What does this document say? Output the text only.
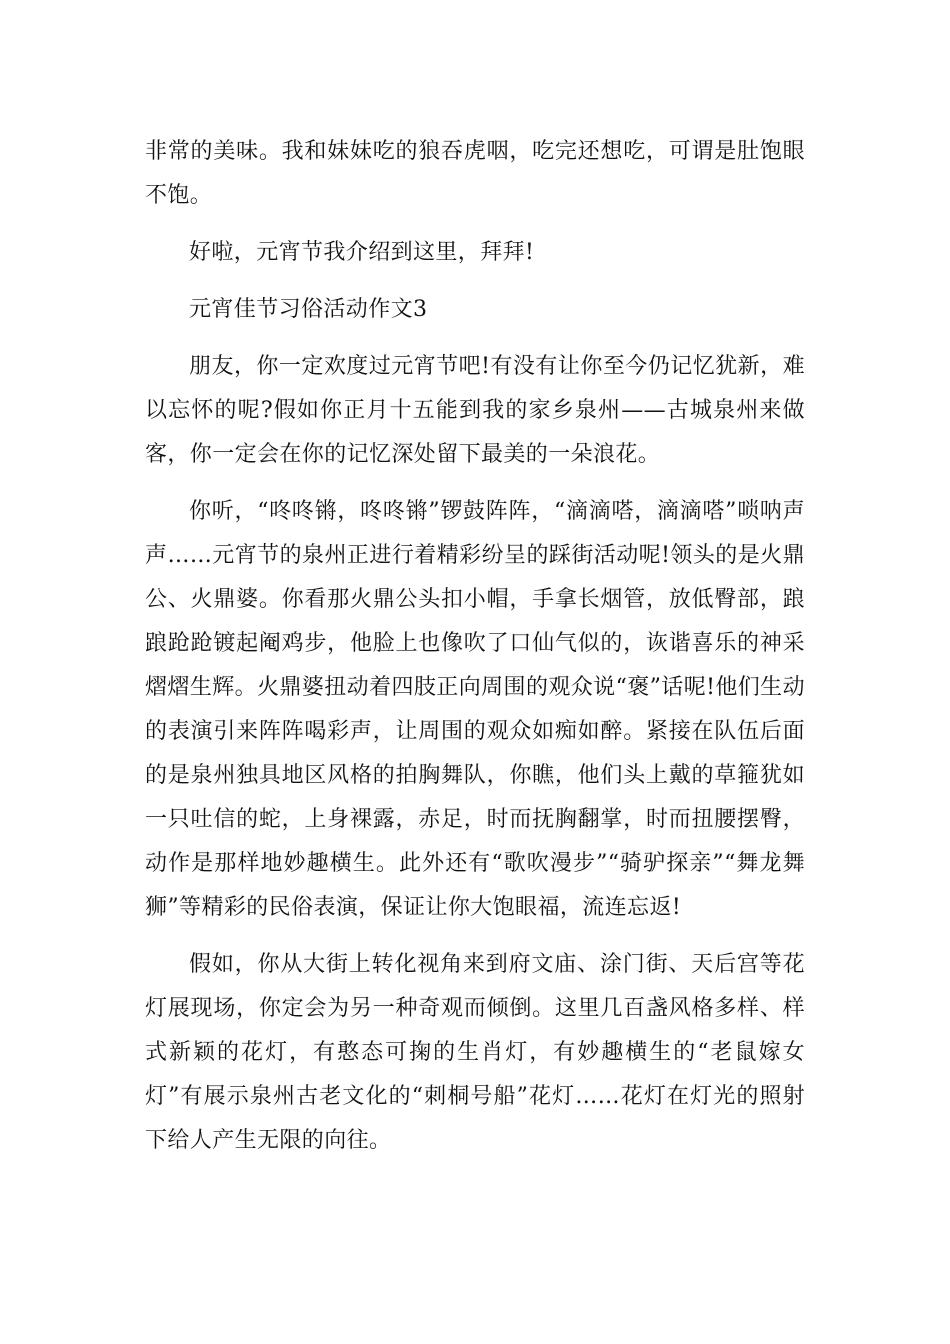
非常的美味。我和妹妹吃的狼吞虎咽，吃完还想吃，可谓是肚饱眼不饱。

好啦，元宵节我介绍到这里，拜拜!

元宵佳节习俗活动作文3

朋友，你一定欢度过元宵节吧!有没有让你至今仍记忆犹新，难以忘怀的呢?假如你正月十五能到我的家乡泉州——古城泉州来做客，你一定会在你的记忆深处留下最美的一朵浪花。

你听，“咚咚锵，咚咚锵”锣鼓阵阵，“滴滴嗒，滴滴嗒”唢呐声声……元宵节的泉州正进行着精彩纷呈的踩街活动呢!领头的是火鼎公、火鼎婆。你看那火鼎公头扣小帽，手拿长烟管，放低臀部，踉踉跄跄镀起阉鸡步，他脸上也像吹了口仙气似的，诙谐喜乐的神采熠熠生辉。火鼎婆扭动着四肢正向周围的观众说“褒”话呢!他们生动的表演引来阵阵喝彩声，让周围的观众如痴如醉。紧接在队伍后面的是泉州独具地区风格的拍胸舞队，你瞧，他们头上戴的草箍犹如一只吐信的蛇，上身裸露，赤足，时而抚胸翻掌，时而扭腰摆臀，动作是那样地妙趣横生。此外还有“歌吹漫步”“骑驴探亲”“舞龙舞狮”等精彩的民俗表演，保证让你大饱眼福，流连忘返!

假如，你从大街上转化视角来到府文庙、涂门街、天后宫等花灯展现场，你定会为另一种奇观而倾倒。这里几百盏风格多样、样式新颖的花灯，有憨态可掬的生肖灯，有妙趣横生的“老鼠嫁女灯”有展示泉州古老文化的“刺桐号船”花灯……花灯在灯光的照射下给人产生无限的向往。
